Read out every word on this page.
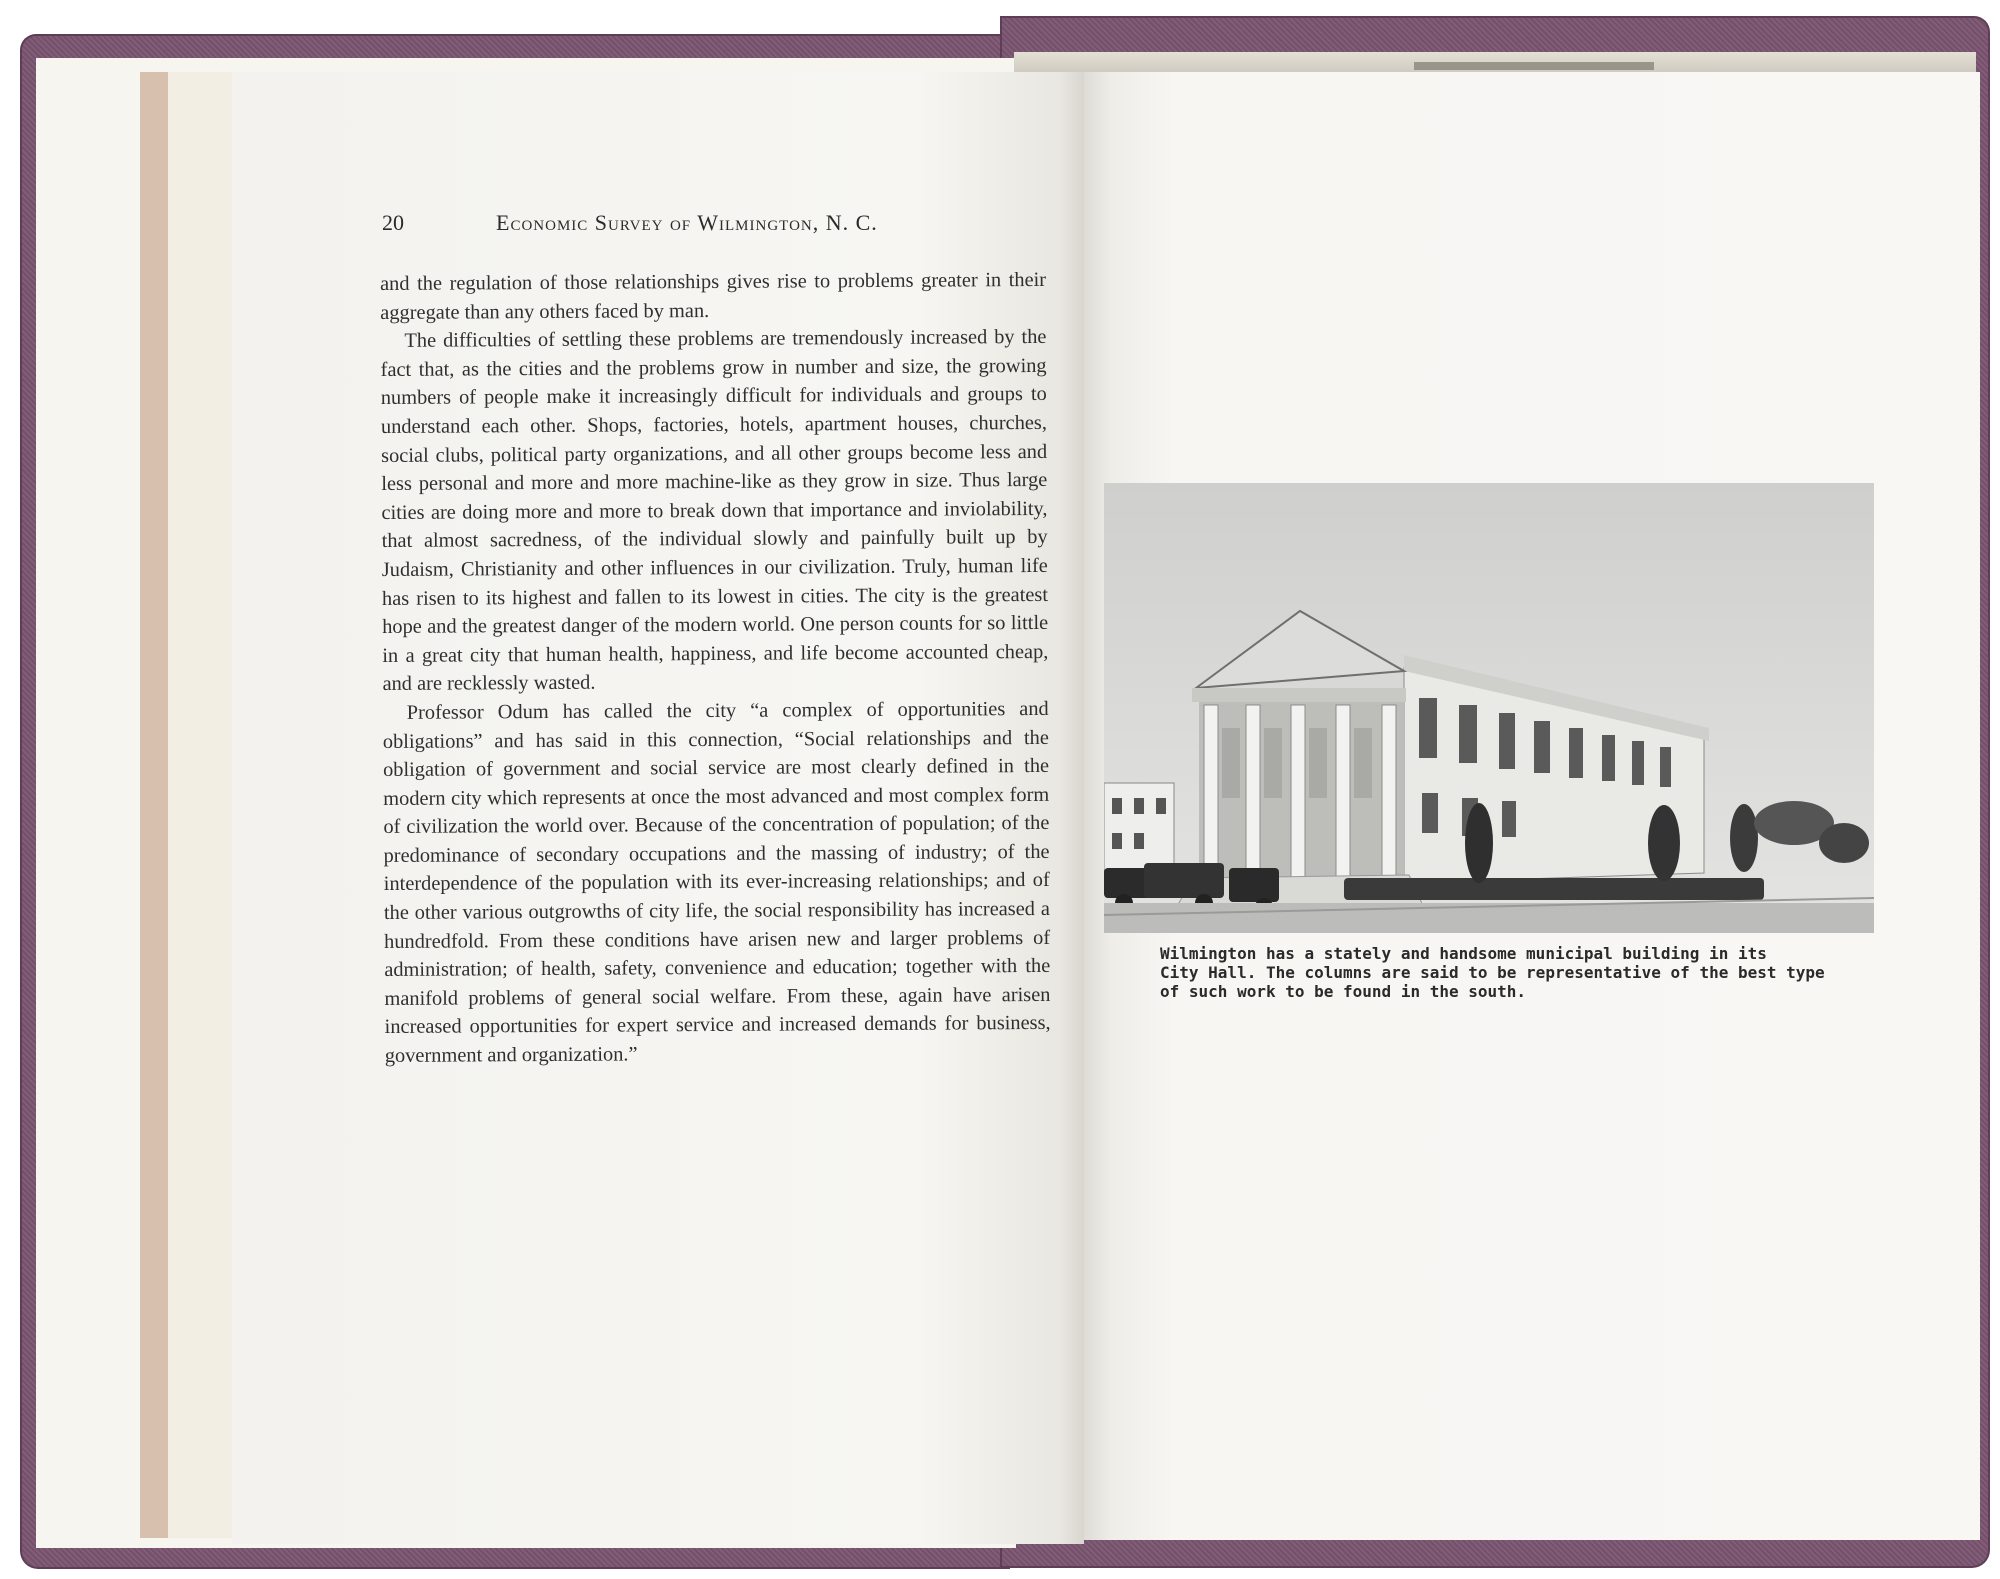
20	Economic Survey of Wilmington, N. C.

and the regulation of those relationships gives rise to problems greater in their aggregate than any others faced by man.

The difficulties of settling these problems are tremendously increased by the fact that, as the cities and the problems grow in number and size, the growing numbers of people make it increasingly difficult for individuals and groups to understand each other. Shops, factories, hotels, apartment houses, churches, social clubs, political party organizations, and all other groups become less and less personal and more and more machine-like as they grow in size. Thus large cities are doing more and more to break down that importance and inviolability, that almost sacredness, of the individual slowly and painfully built up by Judaism, Christianity and other influences in our civilization. Truly, human life has risen to its highest and fallen to its lowest in cities. The city is the greatest hope and the greatest danger of the modern world. One person counts for so little in a great city that human health, happiness, and life become accounted cheap, and are recklessly wasted.

Professor Odum has called the city “a complex of opportunities and obligations” and has said in this connection, “Social relationships and the obligation of government and social service are most clearly defined in the modern city which represents at once the most advanced and most complex form of civilization the world over. Because of the concentration of population; of the predominance of secondary occupations and the massing of industry; of the interdependence of the population with its ever-increasing relationships; and of the other various outgrowths of city life, the social responsibility has increased a hundredfold. From these conditions have arisen new and larger problems of administration; of health, safety, convenience and education; together with the manifold problems of general social welfare. From these, again have arisen increased opportunities for expert service and increased demands for business, government and organization.”

Wilmington has a stately and handsome municipal building in its
City Hall. The columns are said to be representative of the best type
of such work to be found in the south.
